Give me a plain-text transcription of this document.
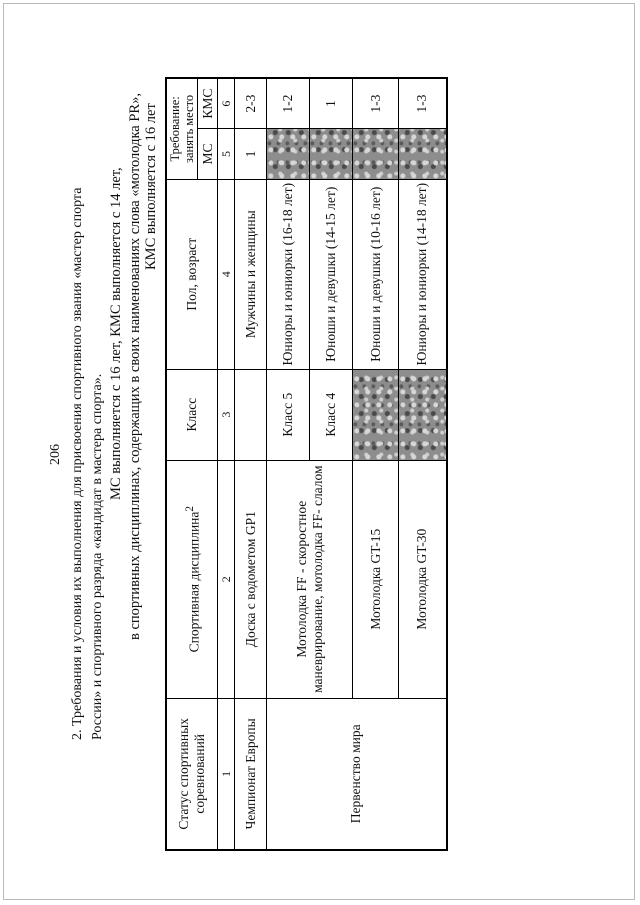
206 2. Требования и условия их выполнения для присвоения спортивного звания «мастер спорта России» и спортивного разряда «кандидат в мастера спорта».
МС выполняется с 16 лет, КМС выполняется с 14 лет, в спортивных дисциплинах, содержащих в своих наименованиях слова «мотолодка PR», КМС выполняется с 16 лет
Статус спортивных соревнований	Спортивная дисциплина$^2$	Класс	Пол, возраст	Требование: занять место	
				МС	КМС
1	2	3	4	5	6
Чемпионат Европы	Доска с водометом GP1		Мужчины и женщины	1	2-3
Первенство мира	Мотолодка FF - скоростное маневрирование, мотолодка FF- слалом	Класс 5	Юниоры и юниорки (16-18 лет)		1-2
		Класс 4	Юноши и девушки (14-15 лет)		1
	Мотолодка GT-15		Юноши и девушки (10-16 лет)		1-3
	Мотолодка GT-30		Юниоры и юниорки (14-18 лет)		1-3
